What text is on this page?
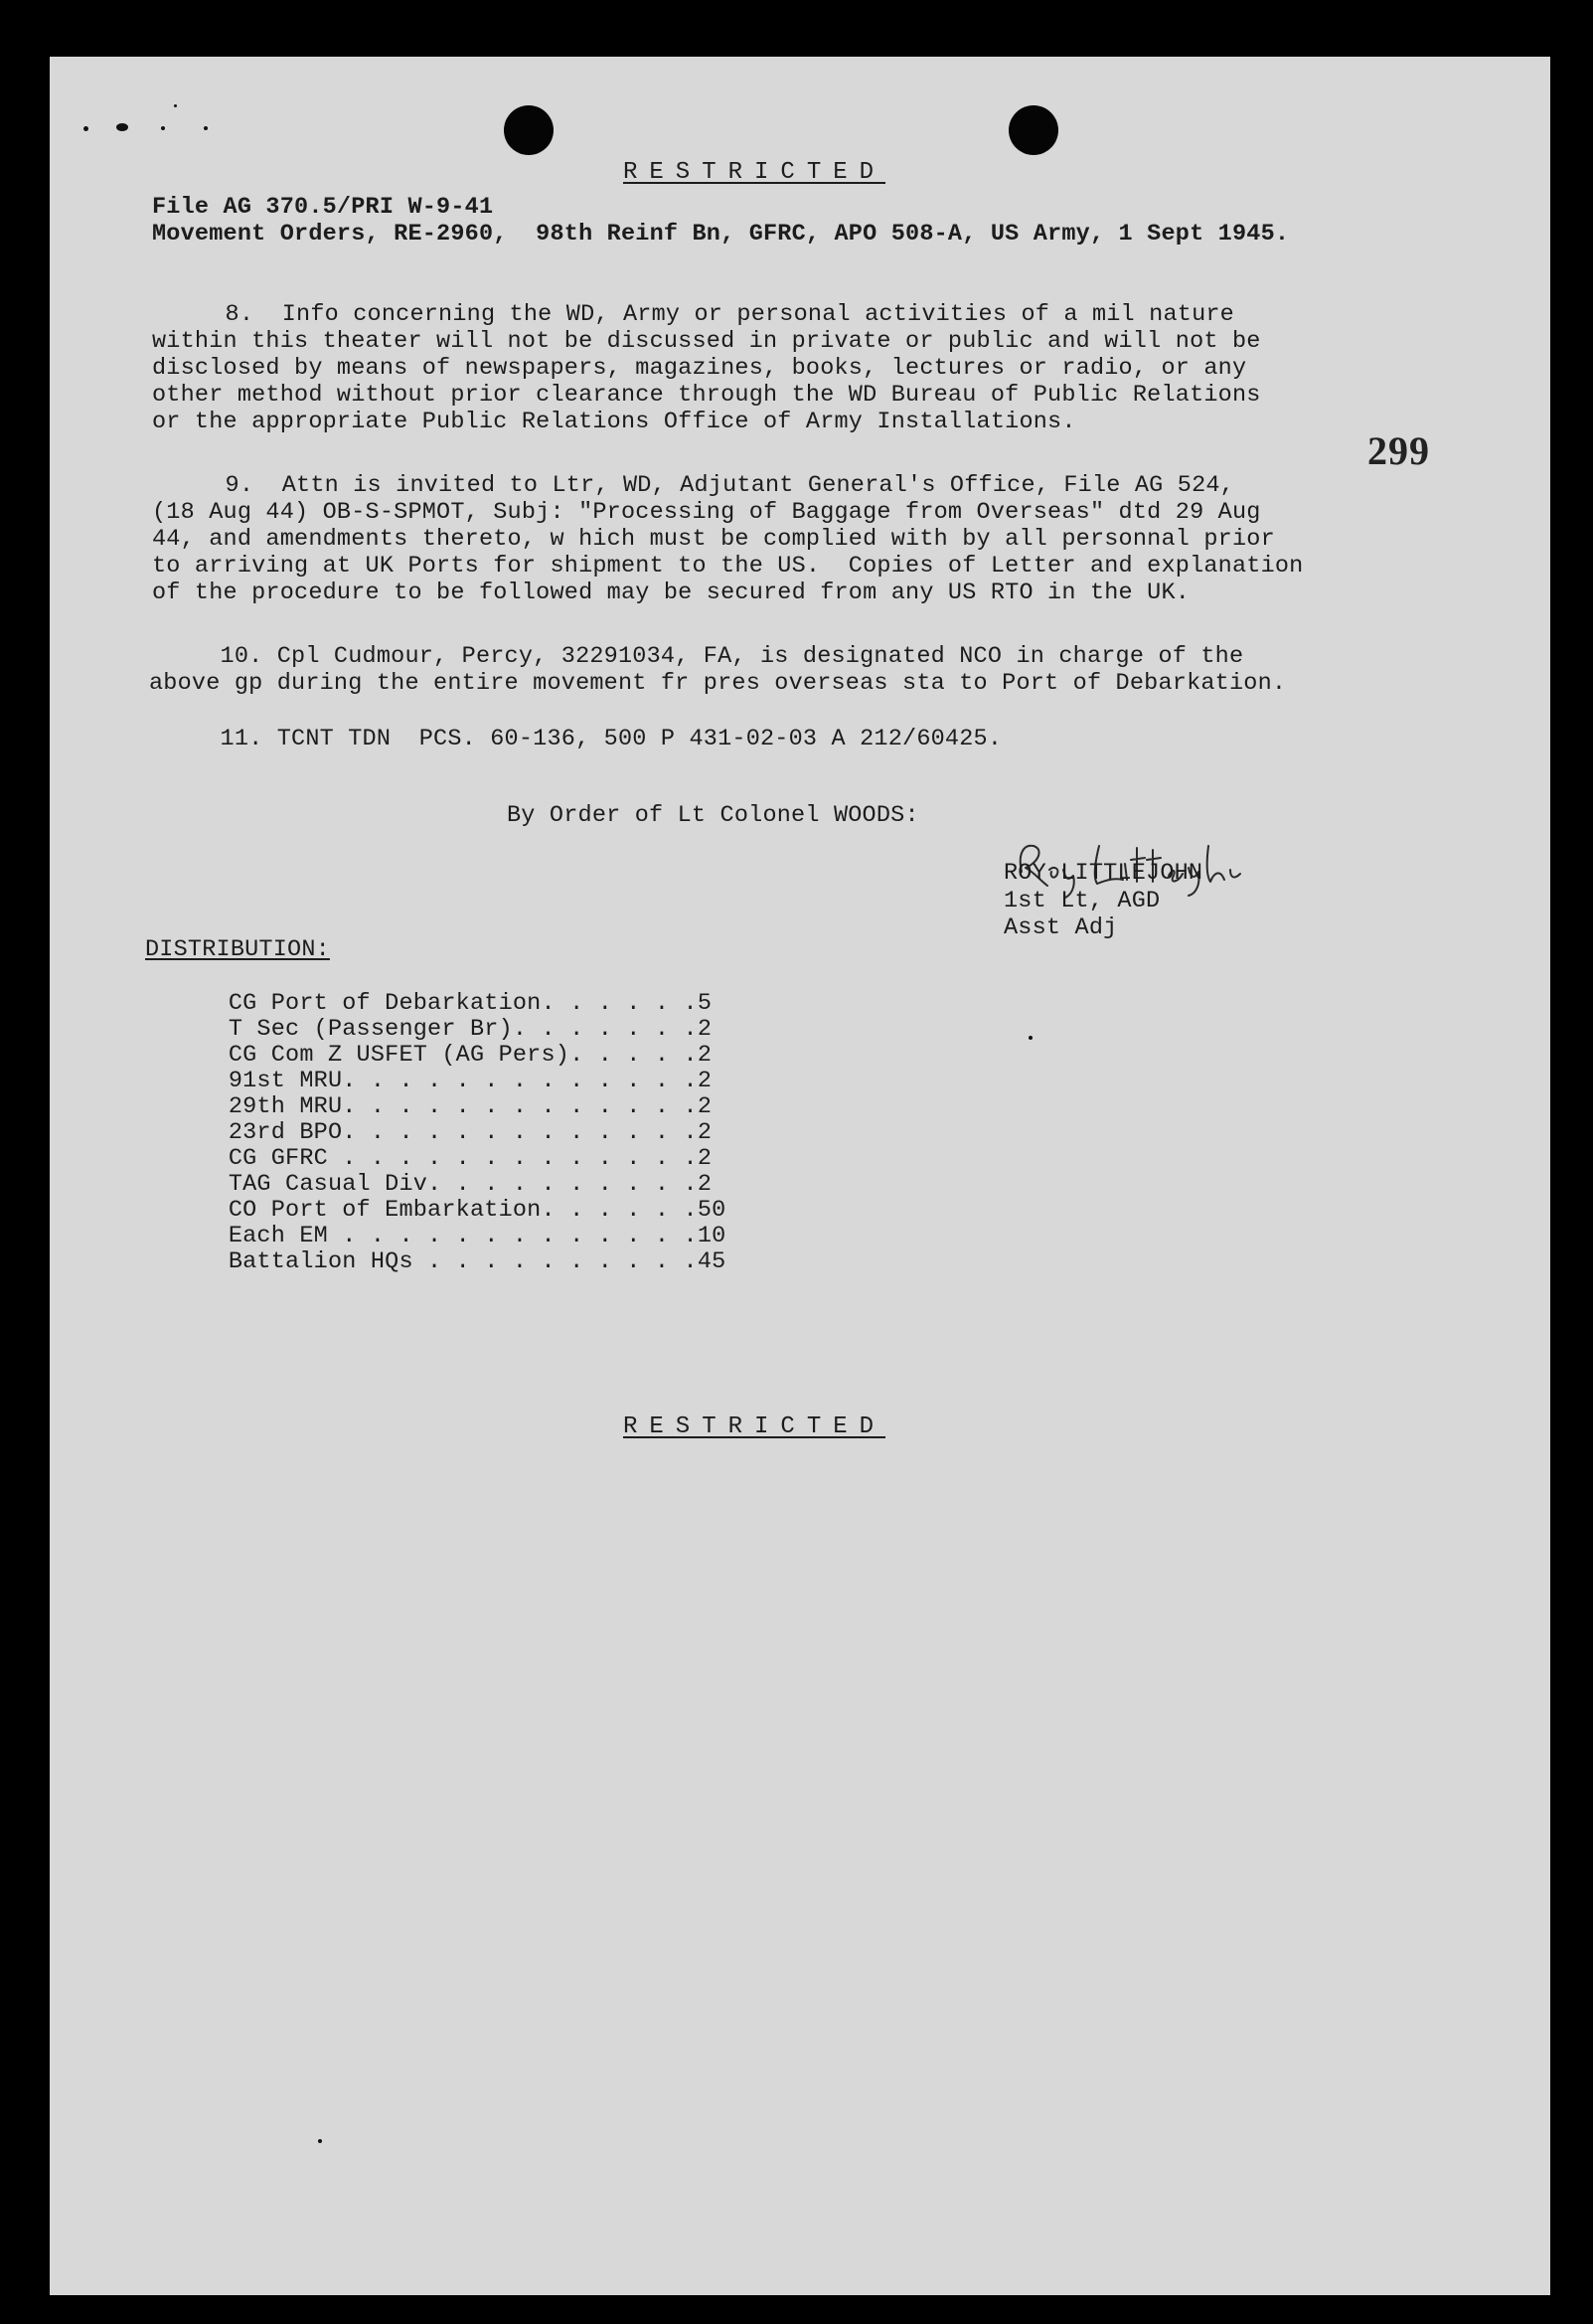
RESTRICTED
File AG 370.5/PRI W-9-41
Movement Orders, RE-2960,  98th Reinf Bn, GFRC, APO 508-A, US Army, 1 Sept 1945.
8.  Info concerning the WD, Army or personal activities of a mil nature
within this theater will not be discussed in private or public and will not be
disclosed by means of newspapers, magazines, books, lectures or radio, or any
other method without prior clearance through the WD Bureau of Public Relations
or the appropriate Public Relations Office of Army Installations.
299
9.  Attn is invited to Ltr, WD, Adjutant General's Office, File AG 524,
(18 Aug 44) OB-S-SPMOT, Subj: "Processing of Baggage from Overseas" dtd 29 Aug
44, and amendments thereto, w hich must be complied with by all personnal prior
to arriving at UK Ports for shipment to the US.  Copies of Letter and explanation
of the procedure to be followed may be secured from any US RTO in the UK.
10. Cpl Cudmour, Percy, 32291034, FA, is designated NCO in charge of the
above gp during the entire movement fr pres overseas sta to Port of Debarkation.
11. TCNT TDN  PCS. 60-136, 500 P 431-02-03 A 212/60425.
By Order of Lt Colonel WOODS:
ROY LITTLEJOHN
1st Lt, AGD
Asst Adj
DISTRIBUTION:

CG Port of Debarkation. . . . . .5

T Sec (Passenger Br). . . . . . .2

CG Com Z USFET (AG Pers). . . . .2

91st MRU. . . . . . . . . . . . .2

29th MRU. . . . . . . . . . . . .2

23rd BPO. . . . . . . . . . . . .2

CG GFRC . . . . . . . . . . . . .2

TAG Casual Div. . . . . . . . . .2

CO Port of Embarkation. . . . . .50

Each EM . . . . . . . . . . . . .10

Battalion HQs . . . . . . . . . .45

RESTRICTED
